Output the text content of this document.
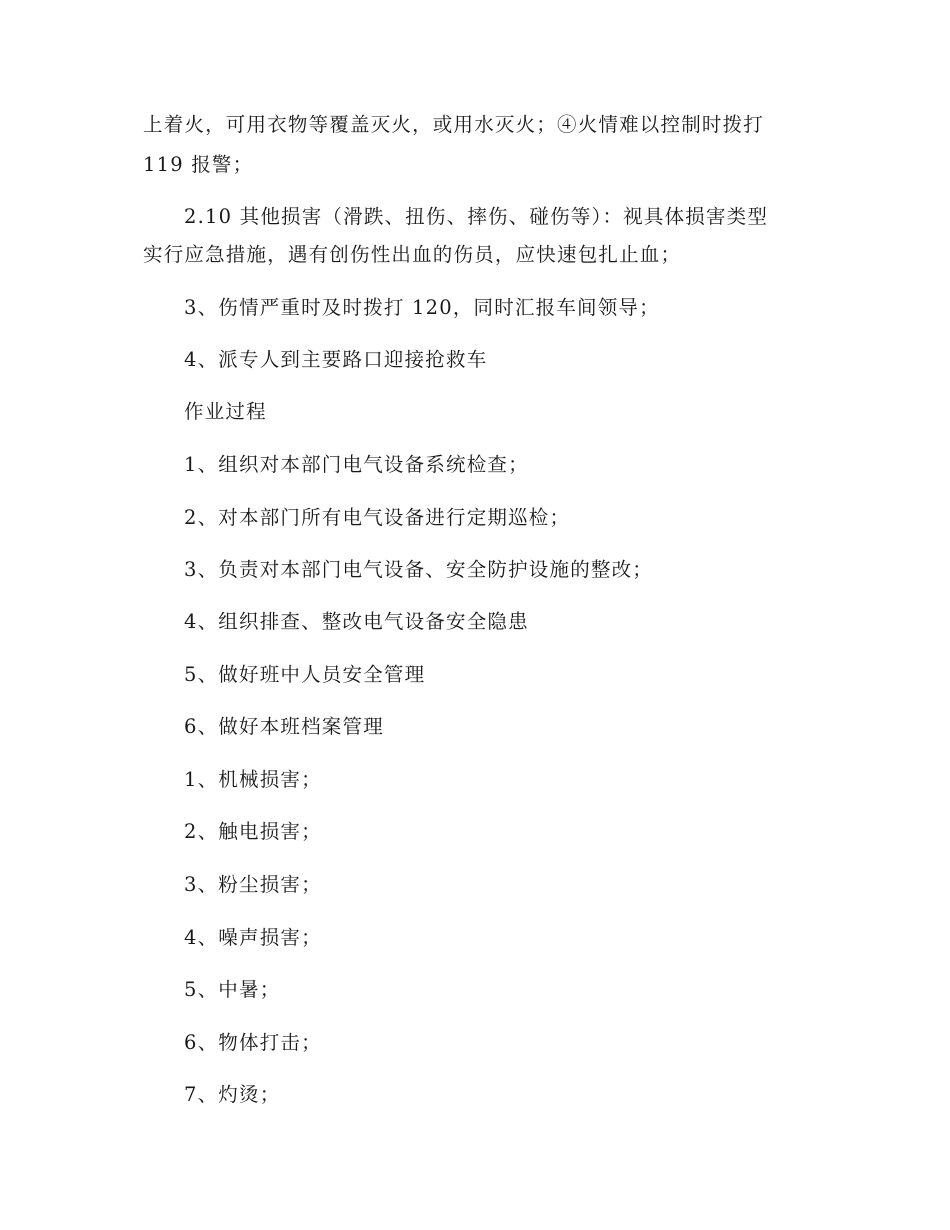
上着火，可用衣物等覆盖灭火，或用水灭火；④火情难以控制时拨打
119 报警；
2.10 其他损害（滑跌、扭伤、摔伤、碰伤等）：视具体损害类型
实行应急措施，遇有创伤性出血的伤员，应快速包扎止血；
3、伤情严重时及时拨打 120，同时汇报车间领导；
4、派专人到主要路口迎接抢救车
作业过程
1、组织对本部门电气设备系统检查；
2、对本部门所有电气设备进行定期巡检；
3、负责对本部门电气设备、安全防护设施的整改；
4、组织排查、整改电气设备安全隐患
5、做好班中人员安全管理
6、做好本班档案管理
1、机械损害；
2、触电损害；
3、粉尘损害；
4、噪声损害；
5、中暑；
6、物体打击；
7、灼烫；
